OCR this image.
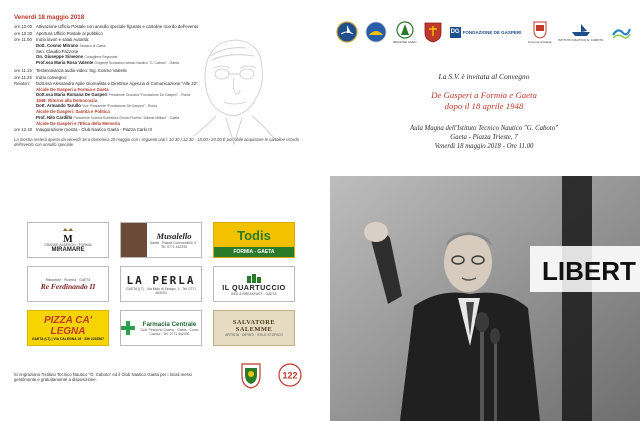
Venerdì 18 maggio 2018
ore 10.00 Attivazione Ufficio Postale con annullo speciale figurato e cartoline ricordo dell'evento
ore 10.30 Apertura Ufficio Postale al pubblico
ore 11.00 Inizio lavori e saluti Autorità:
Dott. Cosmo Mitrano Sindaco di Gaeta
Sen. Claudio Fazzone
On. Giuseppe Simeone Consigliere Regionale
Prof.ssa Maria Rosa Valente Dirigente Scolastico Istituto Nautico "G. Caboto" - Gaeta
ore 11.15 Testimonianza audio-video: Sig. Cosmo Valente
ore 11.25 Inizio convegno:
Relatori:	Dott.ssa Alessandra Apile Giornalista e Direttrice Agenzia di Comunicazione "Alle 22"
Alcide De Gasperi a Formia e Gaeta
Dott.ssa Maria Romana De Gasperi Presidente Onoraria "Fondazione De Gasperi" - Roma
1948: Ritorno alla Democrazia
Dott. Armando Tarullo Vice Presidente "Fondazione De Gasperi" - Roma
Alcide De Gasperi: Santità e Politica
Prof. Nilo Cardillo Presidente Società Scientifica Onorio Fiorello "Alfredo Milliani" - Gaeta
Alcide De Gasperi e l'Etica della Memoria
ore 12.40 Inaugurazione mostra - Club Nautico Gaeta - Piazza Carlo III
La mostra resterà aperta da venerdì 18 a domenica 20 maggio con i seguenti orari: 10.30 / 12.30 - 18.00 / 20.00 È possibile acquistare le cartoline ricordo dell'evento con annullo speciale.
REGIONE LAZIO
DG FONDAZIONE DE GASPERI
Comune di Gaeta ISTITUTO NAUTICO G. CABOTO
La S.V. è invitata al Convegno
De Gasperi a Formia e Gaeta
dopo il 18 aprile 1948
Aula Magna dell'Istituto Tecnico Nautico "G. Caboto"
Gaeta - Piazza Trieste, 7
Venerdì 18 maggio 2018 - Ore 11.00
LIBERT
M
GRANDE ALBERGO · FORMIA
MIRAMARE
Musalello
Gaeta - Piazza Commestibili, 6 · Tel. 0771 462296
Todis
FORMIA - GAETA
Ristorante · Pizzeria · GAETA
Re Ferdinando II	LA PERLA
GAETA (LT) - Via Molo di Serapo, 1 · Tel. 0771 464003
IL QUARTUCCIO
BED & BREAKFAST - GAETA
PIZZA CA' LEGNA
GAETA (LT) | VIA CALEGNA 16 · 339 2232567
Farmacia Centrale
Dott. Peconzio Cosmo · Gaeta - Corso Cavour · Tel. 0771 462496
SALVATORE SALEMME
ARTISTA · DIPINTI · STILE STORICO
Si ringraziano l'Istituto Tecnico Nautico "G. Caboto" ed il Club Nautico Gaeta per i locali messi gentilmente e gratuitamente a disposizione.	122
